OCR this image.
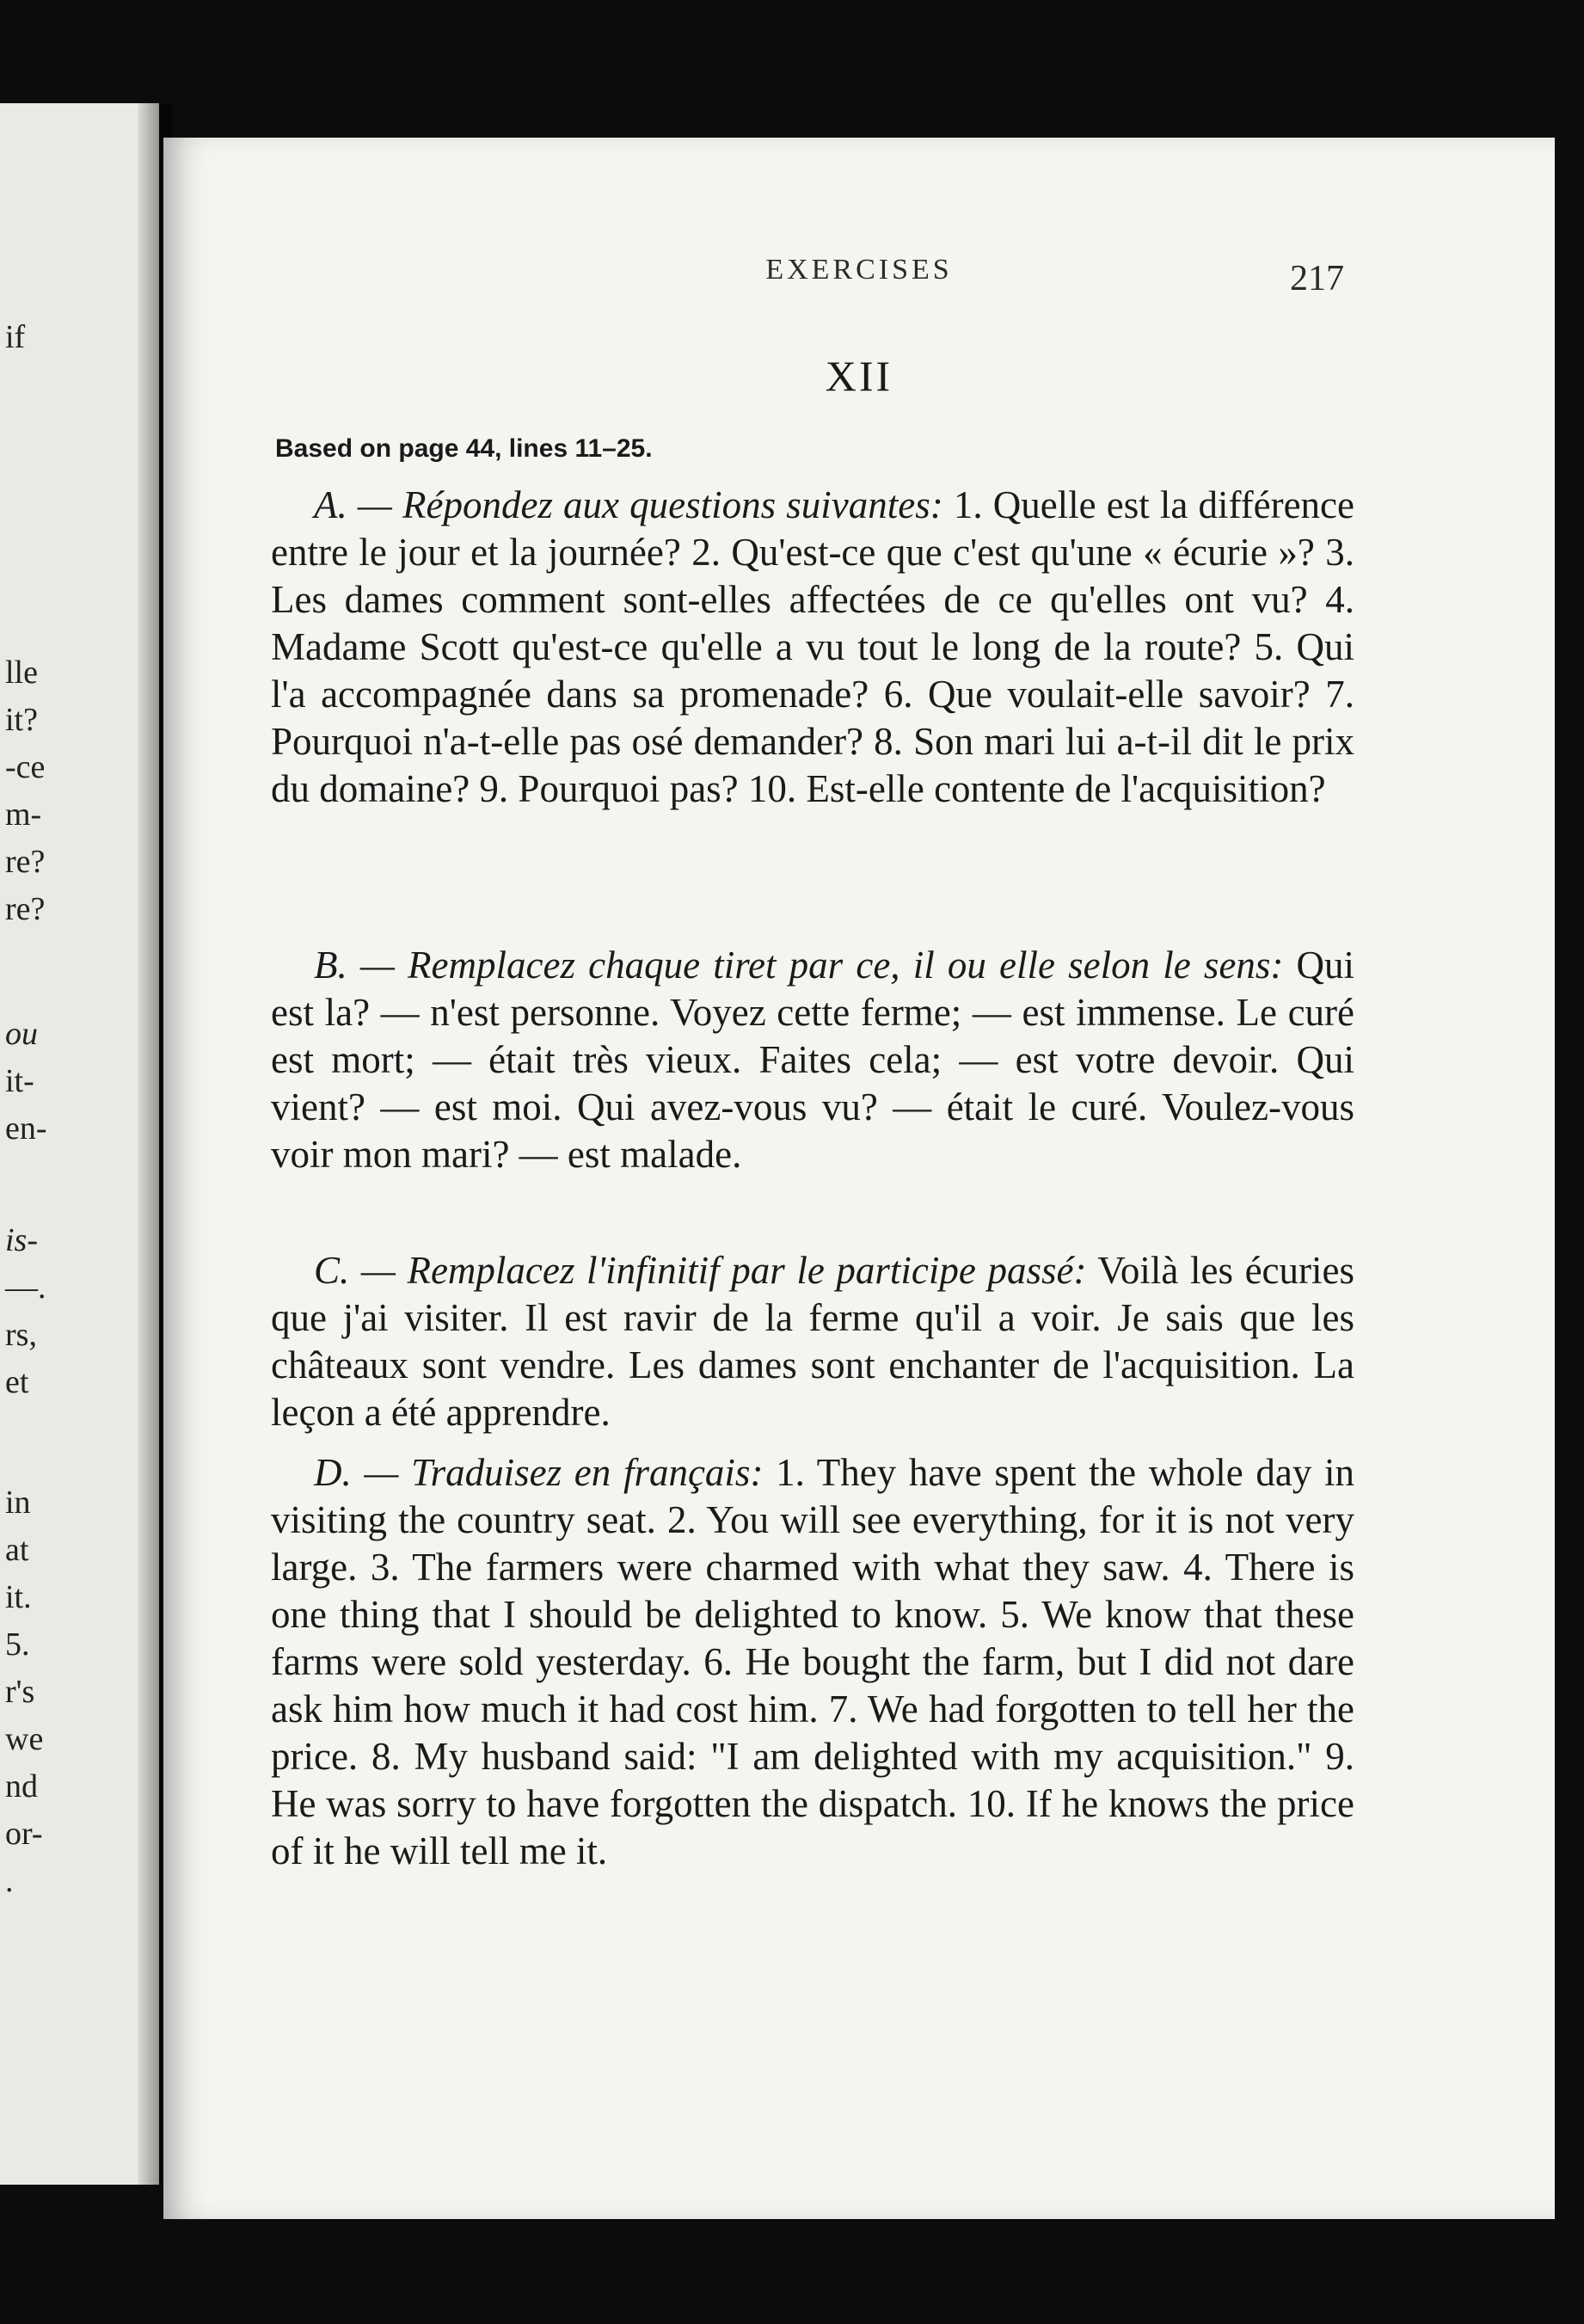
if
lle
it?
-ce
m-
re?
re?
ou
it-
en-
is-
—.
rs,
et
in
at
it.
5.
r's
we
nd
or-
.
EXERCISES	217
XII
Based on page 44, lines 11–25.

A. — Répondez aux questions suivantes: 1. Quelle est la différence entre le jour et la journée? 2. Qu'est-ce que c'est qu'une « écurie »? 3. Les dames comment sont-elles affectées de ce qu'elles ont vu? 4. Madame Scott qu'est-ce qu'elle a vu tout le long de la route? 5. Qui l'a accompagnée dans sa promenade? 6. Que voulait-elle savoir? 7. Pourquoi n'a-t-elle pas osé demander? 8. Son mari lui a-t-il dit le prix du domaine? 9. Pourquoi pas? 10. Est-elle contente de l'acquisition?

B. — Remplacez chaque tiret par ce, il ou elle selon le sens: Qui est la? — n'est personne. Voyez cette ferme; — est immense. Le curé est mort; — était très vieux. Faites cela; — est votre devoir. Qui vient? — est moi. Qui avez-vous vu? — était le curé. Voulez-vous voir mon mari? — est malade.

C. — Remplacez l'infinitif par le participe passé: Voilà les écuries que j'ai visiter. Il est ravir de la ferme qu'il a voir. Je sais que les châteaux sont vendre. Les dames sont enchanter de l'acquisition. La leçon a été apprendre.

D. — Traduisez en français: 1. They have spent the whole day in visiting the country seat. 2. You will see everything, for it is not very large. 3. The farmers were charmed with what they saw. 4. There is one thing that I should be delighted to know. 5. We know that these farms were sold yesterday. 6. He bought the farm, but I did not dare ask him how much it had cost him. 7. We had forgotten to tell her the price. 8. My husband said: "I am delighted with my acquisition." 9. He was sorry to have forgotten the dispatch. 10. If he knows the price of it he will tell me it.
